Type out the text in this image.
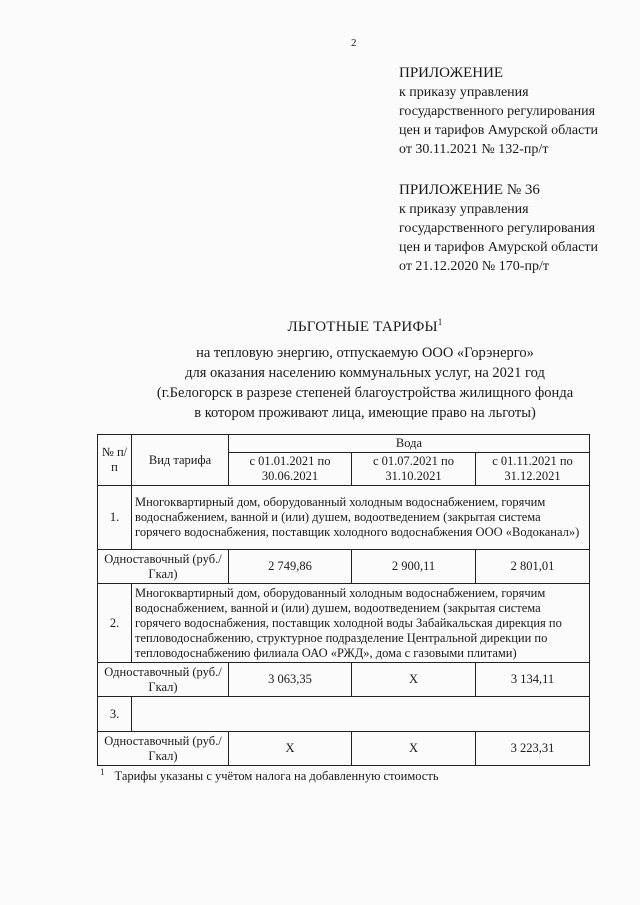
2
ПРИЛОЖЕНИЕ
к приказу управления
государственного регулирования
цен и тарифов Амурской области
от 30.11.2021 № 132-пр/т
ПРИЛОЖЕНИЕ № 36
к приказу управления
государственного регулирования
цен и тарифов Амурской области
от 21.12.2020 № 170-пр/т
ЛЬГОТНЫЕ ТАРИФЫ$^1$
на тепловую энергию, отпускаемую ООО «Горэнерго»
для оказания населению коммунальных услуг, на 2021 год
(г.Белогорск в разрезе степеней благоустройства жилищного фонда
в котором проживают лица, имеющие право на льготы)
№ п/п	Вид тарифа	Вода		
		с 01.01.2021 по 30.06.2021	с 01.07.2021 по 31.10.2021	с 01.11.2021 по 31.12.2021
1.	Многоквартирный дом, оборудованный холодным водоснабжением, горячим водоснабжением, ванной и (или) душем, водоотведением (закрытая система горячего водоснабжения, поставщик холодного водоснабжения ООО «Водоканал»)			
Одноставочный (руб./Гкал)		2 749,86	2 900,11	2 801,01
2.	Многоквартирный дом, оборудованный холодным водоснабжением, горячим водоснабжением, ванной и (или) душем, водоотведением (закрытая система горячего водоснабжения, поставщик холодной воды Забайкальская дирекция по тепловодоснабжению, структурное подразделение Центральной дирекции по тепловодоснабжению филиала ОАО «РЖД», дома с газовыми плитами)			
Одноставочный (руб./Гкал)		3 063,35	Х	3 134,11
3.				
Одноставочный (руб./Гкал)		Х	Х	3 223,31
$^1$ Тарифы указаны с учётом налога на добавленную стоимость
